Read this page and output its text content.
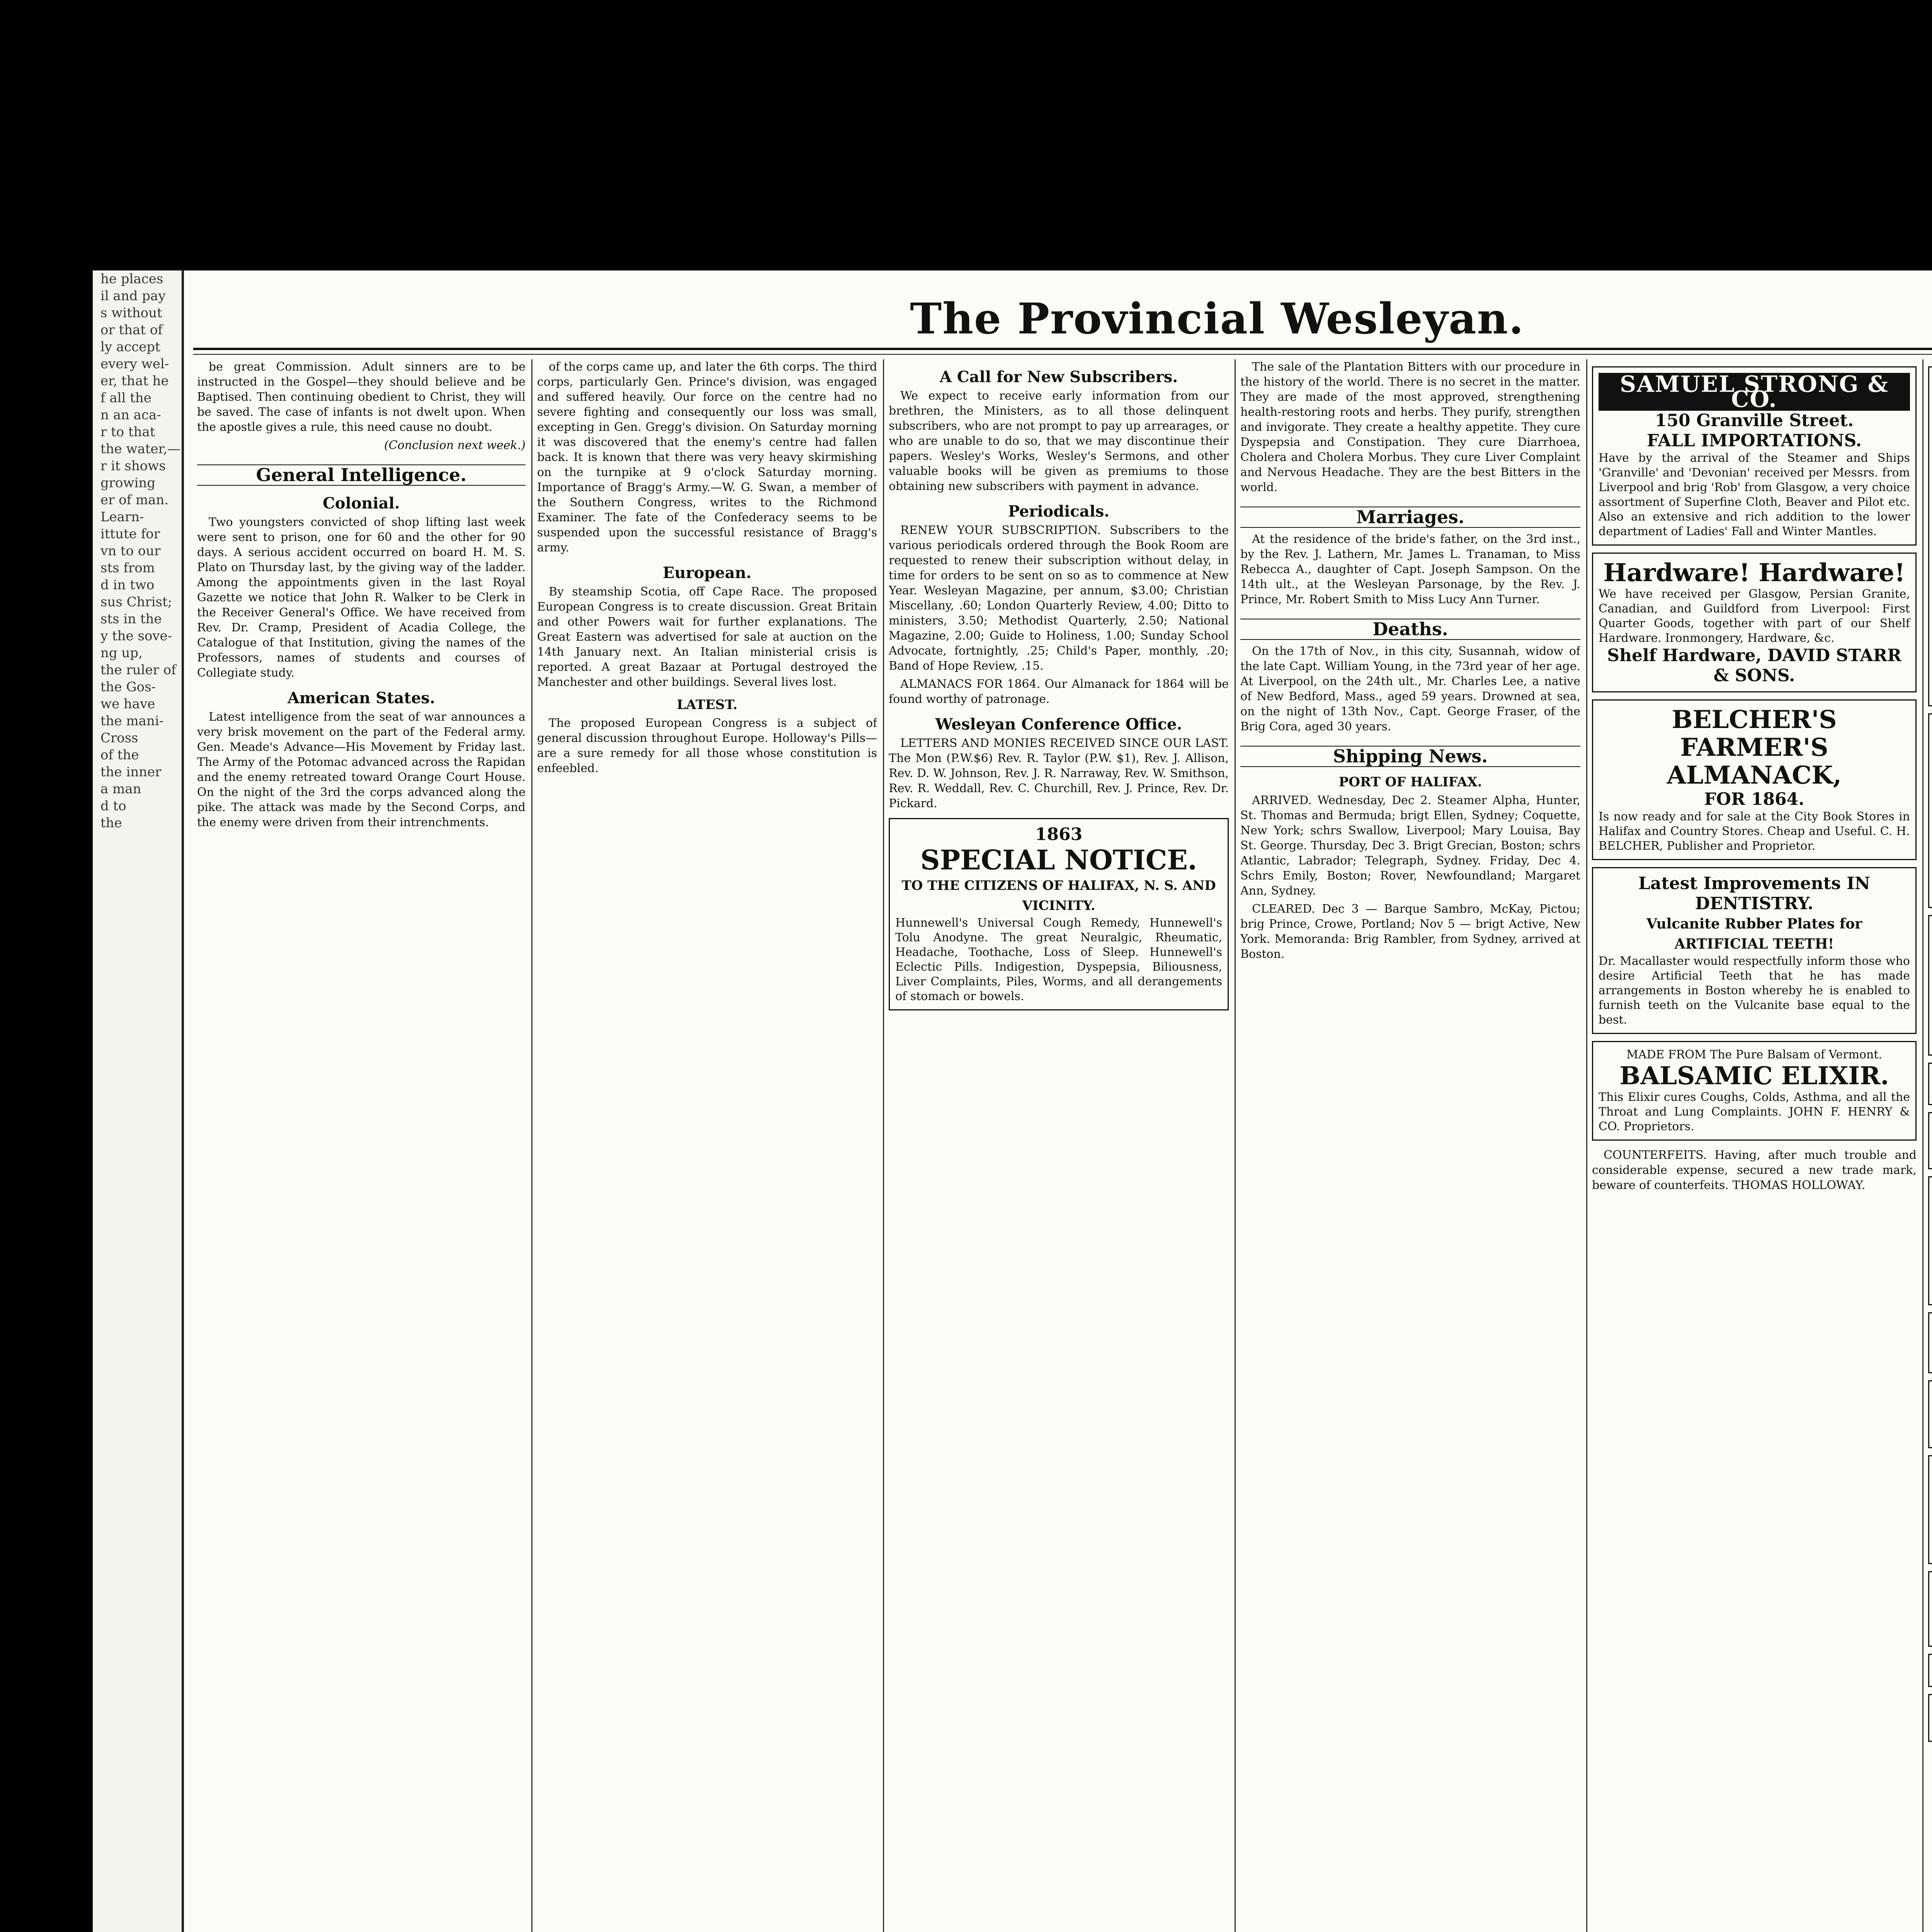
he places
il and pay
s without
or that of
ly accept
every wel-
er, that he
f all the
n an aca-
r to that
the water,—
r it shows
growing
er of man.
Learn-
ittute for
vn to our
sts from
d in two
sus Christ;
sts in the
y the sove-
ng up,
the ruler of
the Gos-
we have
the mani-
Cross
of the
the inner
a man
d to
the
The Provincial Wesleyan.

be great Commission. Adult sinners are to be instructed in the Gospel—they should believe and be Baptised. Then continuing obedient to Christ, they will be saved. The case of infants is not dwelt upon. When the apostle gives a rule, this need cause no doubt.

(Conclusion next week.)

General Intelligence.
Colonial.

Two youngsters convicted of shop lifting last week were sent to prison, one for 60 and the other for 90 days. A serious accident occurred on board H. M. S. Plato on Thursday last, by the giving way of the ladder. Among the appointments given in the last Royal Gazette we notice that John R. Walker to be Clerk in the Receiver General's Office. We have received from Rev. Dr. Cramp, President of Acadia College, the Catalogue of that Institution, giving the names of the Professors, names of students and courses of Collegiate study.

American States.

Latest intelligence from the seat of war announces a very brisk movement on the part of the Federal army. Gen. Meade's Advance—His Movement by Friday last. The Army of the Potomac advanced across the Rapidan and the enemy retreated toward Orange Court House. On the night of the 3rd the corps advanced along the pike. The attack was made by the Second Corps, and the enemy were driven from their intrenchments.

of the corps came up, and later the 6th corps. The third corps, particularly Gen. Prince's division, was engaged and suffered heavily. Our force on the centre had no severe fighting and consequently our loss was small, excepting in Gen. Gregg's division. On Saturday morning it was discovered that the enemy's centre had fallen back. It is known that there was very heavy skirmishing on the turnpike at 9 o'clock Saturday morning. Importance of Bragg's Army.—W. G. Swan, a member of the Southern Congress, writes to the Richmond Examiner. The fate of the Confederacy seems to be suspended upon the successful resistance of Bragg's army.

European.

By steamship Scotia, off Cape Race. The proposed European Congress is to create discussion. Great Britain and other Powers wait for further explanations. The Great Eastern was advertised for sale at auction on the 14th January next. An Italian ministerial crisis is reported. A great Bazaar at Portugal destroyed the Manchester and other buildings. Several lives lost.

LATEST.

The proposed European Congress is a subject of general discussion throughout Europe. Holloway's Pills—are a sure remedy for all those whose constitution is enfeebled.

A Call for New Subscribers.

We expect to receive early information from our brethren, the Ministers, as to all those delinquent subscribers, who are not prompt to pay up arrearages, or who are unable to do so, that we may discontinue their papers. Wesley's Works, Wesley's Sermons, and other valuable books will be given as premiums to those obtaining new subscribers with payment in advance.

Periodicals.

RENEW YOUR SUBSCRIPTION. Subscribers to the various periodicals ordered through the Book Room are requested to renew their subscription without delay, in time for orders to be sent on so as to commence at New Year. Wesleyan Magazine, per annum, $3.00; Christian Miscellany, .60; London Quarterly Review, 4.00; Ditto to ministers, 3.50; Methodist Quarterly, 2.50; National Magazine, 2.00; Guide to Holiness, 1.00; Sunday School Advocate, fortnightly, .25; Child's Paper, monthly, .20; Band of Hope Review, .15.

ALMANACS FOR 1864. Our Almanack for 1864 will be found worthy of patronage.

Wesleyan Conference Office.

LETTERS AND MONIES RECEIVED SINCE OUR LAST. The Mon (P.W.$6) Rev. R. Taylor (P.W. $1), Rev. J. Allison, Rev. D. W. Johnson, Rev. J. R. Narraway, Rev. W. Smithson, Rev. R. Weddall, Rev. C. Churchill, Rev. J. Prince, Rev. Dr. Pickard.

1863
SPECIAL NOTICE.
TO THE CITIZENS OF HALIFAX, N. S. AND VICINITY.
Hunnewell's Universal Cough Remedy, Hunnewell's Tolu Anodyne. The great Neuralgic, Rheumatic, Headache, Toothache, Loss of Sleep. Hunnewell's Eclectic Pills. Indigestion, Dyspepsia, Biliousness, Liver Complaints, Piles, Worms, and all derangements of stomach or bowels.

The sale of the Plantation Bitters with our procedure in the history of the world. There is no secret in the matter. They are made of the most approved, strengthening health-restoring roots and herbs. They purify, strengthen and invigorate. They create a healthy appetite. They cure Dyspepsia and Constipation. They cure Diarrhoea, Cholera and Cholera Morbus. They cure Liver Complaint and Nervous Headache. They are the best Bitters in the world.

Marriages.

At the residence of the bride's father, on the 3rd inst., by the Rev. J. Lathern, Mr. James L. Tranaman, to Miss Rebecca A., daughter of Capt. Joseph Sampson. On the 14th ult., at the Wesleyan Parsonage, by the Rev. J. Prince, Mr. Robert Smith to Miss Lucy Ann Turner.

Deaths.

On the 17th of Nov., in this city, Susannah, widow of the late Capt. William Young, in the 73rd year of her age. At Liverpool, on the 24th ult., Mr. Charles Lee, a native of New Bedford, Mass., aged 59 years. Drowned at sea, on the night of 13th Nov., Capt. George Fraser, of the Brig Cora, aged 30 years.

Shipping News.
PORT OF HALIFAX.

ARRIVED. Wednesday, Dec 2. Steamer Alpha, Hunter, St. Thomas and Bermuda; brigt Ellen, Sydney; Coquette, New York; schrs Swallow, Liverpool; Mary Louisa, Bay St. George. Thursday, Dec 3. Brigt Grecian, Boston; schrs Atlantic, Labrador; Telegraph, Sydney. Friday, Dec 4. Schrs Emily, Boston; Rover, Newfoundland; Margaret Ann, Sydney.

CLEARED. Dec 3 — Barque Sambro, McKay, Pictou; brig Prince, Crowe, Portland; Nov 5 — brigt Active, New York. Memoranda: Brig Rambler, from Sydney, arrived at Boston.

SAMUEL STRONG & CO.
150 Granville Street.
FALL IMPORTATIONS.
Have by the arrival of the Steamer and Ships 'Granville' and 'Devonian' received per Messrs. from Liverpool and brig 'Rob' from Glasgow, a very choice assortment of Superfine Cloth, Beaver and Pilot etc. Also an extensive and rich addition to the lower department of Ladies' Fall and Winter Mantles.
Hardware! Hardware!
We have received per Glasgow, Persian Granite, Canadian, and Guildford from Liverpool: First Quarter Goods, together with part of our Shelf Hardware. Ironmongery, Hardware, &c.
Shelf Hardware, DAVID STARR & SONS.
BELCHER'S
FARMER'S ALMANACK,
FOR 1864.
Is now ready and for sale at the City Book Stores in Halifax and Country Stores. Cheap and Useful. C. H. BELCHER, Publisher and Proprietor.
Latest Improvements IN DENTISTRY.
Vulcanite Rubber Plates for ARTIFICIAL TEETH!
Dr. Macallaster would respectfully inform those who desire Artificial Teeth that he has made arrangements in Boston whereby he is enabled to furnish teeth on the Vulcanite base equal to the best.
MADE FROM The Pure Balsam of Vermont.
BALSAMIC ELIXIR.
This Elixir cures Coughs, Colds, Asthma, and all the Throat and Lung Complaints. JOHN F. HENRY & CO. Proprietors.

COUNTERFEITS. Having, after much trouble and considerable expense, secured a new trade mark, beware of counterfeits. THOMAS HOLLOWAY.
